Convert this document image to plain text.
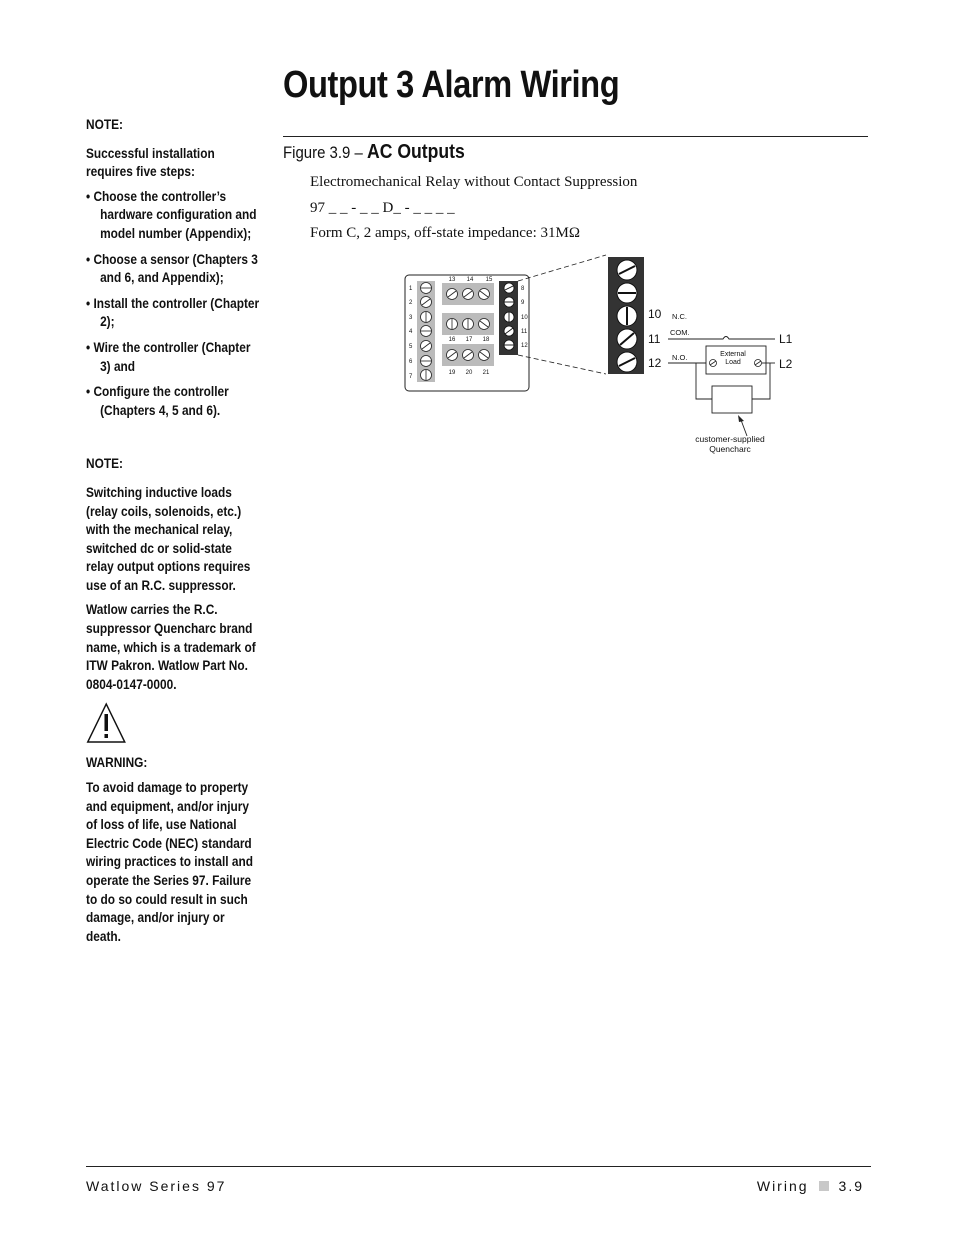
Output 3 Alarm Wiring
Figure 3.9 – AC Outputs
Electromechanical Relay without Contact Suppression
97 _ _ - _ _ D_ - _ _ _ _
Form C, 2 amps, off-state impedance: 31MΩ

NOTE:

Successful installation requires five steps:

• Choose the controller’s hardware configuration and model number (Appendix);
• Choose a sensor (Chapters 3 and 6, and Appendix);
• Install the controller (Chapter 2);
• Wire the controller (Chapter 3) and
• Configure the controller (Chapters 4, 5 and 6).

NOTE:

Switching inductive loads (relay coils, solenoids, etc.) with the mechanical relay, switched dc or solid-state relay output options requires use of an R.C. suppressor.

Watlow carries the R.C. suppressor Quencharc brand name, which is a trademark of ITW Pakron. Watlow Part No. 0804-0147-0000.

WARNING:

To avoid damage to property and equipment, and/or injury of loss of life, use National Electric Code (NEC) standard wiring practices to install and operate the Series 97. Failure to do so could result in such damage, and/or injury or death.

1
2
3
4
5
6
7
13 14 15
16 17 18
19 20 21
8
9
10
11
12
10
11
12
N.C.
COM.
N.O.	External
Load
L1
L2
customer-supplied
Quencharc
Watlow Series 97	Wiring 3.9
